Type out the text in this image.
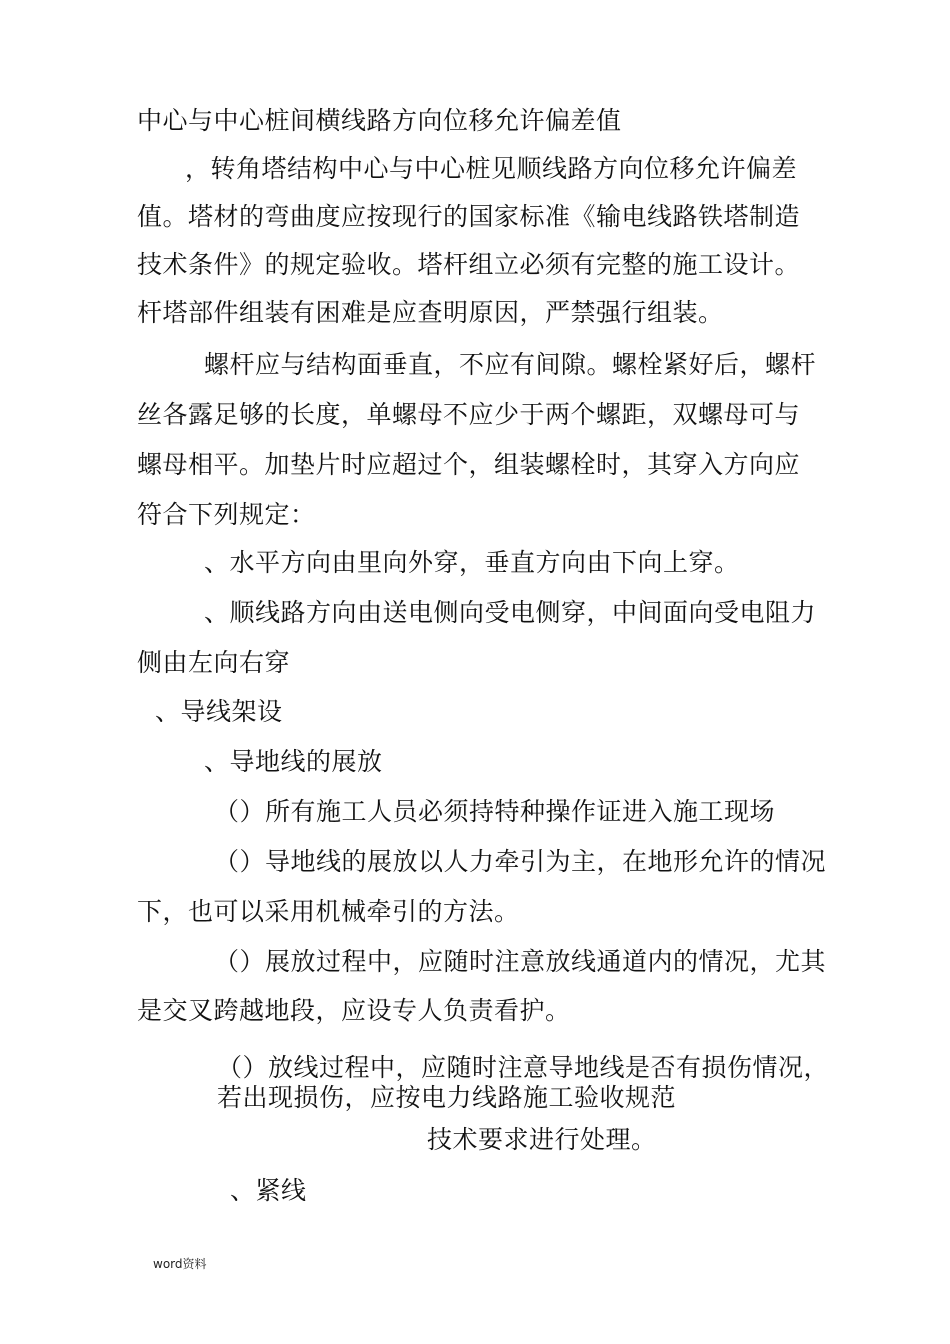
中心与中心桩间横线路方向位移允许偏差值
，转角塔结构中心与中心桩见顺线路方向位移允许偏差
值。塔材的弯曲度应按现行的国家标准《输电线路铁塔制造
技术条件》的规定验收。塔杆组立必须有完整的施工设计。
杆塔部件组装有困难是应查明原因，严禁强行组装。
螺杆应与结构面垂直，不应有间隙。螺栓紧好后，螺杆
丝各露足够的长度，单螺母不应少于两个螺距，双螺母可与
螺母相平。加垫片时应超过个，组装螺栓时，其穿入方向应
符合下列规定：
、水平方向由里向外穿，垂直方向由下向上穿。
、顺线路方向由送电侧向受电侧穿，中间面向受电阻力
侧由左向右穿
、导线架设
、导地线的展放
（）所有施工人员必须持特种操作证进入施工现场
（）导地线的展放以人力牵引为主，在地形允许的情况
下，也可以采用机械牵引的方法。
（）展放过程中，应随时注意放线通道内的情况，尤其
是交叉跨越地段，应设专人负责看护。
（）放线过程中，应随时注意导地线是否有损伤情况，
若出现损伤，应按电力线路施工验收规范
技术要求进行处理。
、紧线
word资料
